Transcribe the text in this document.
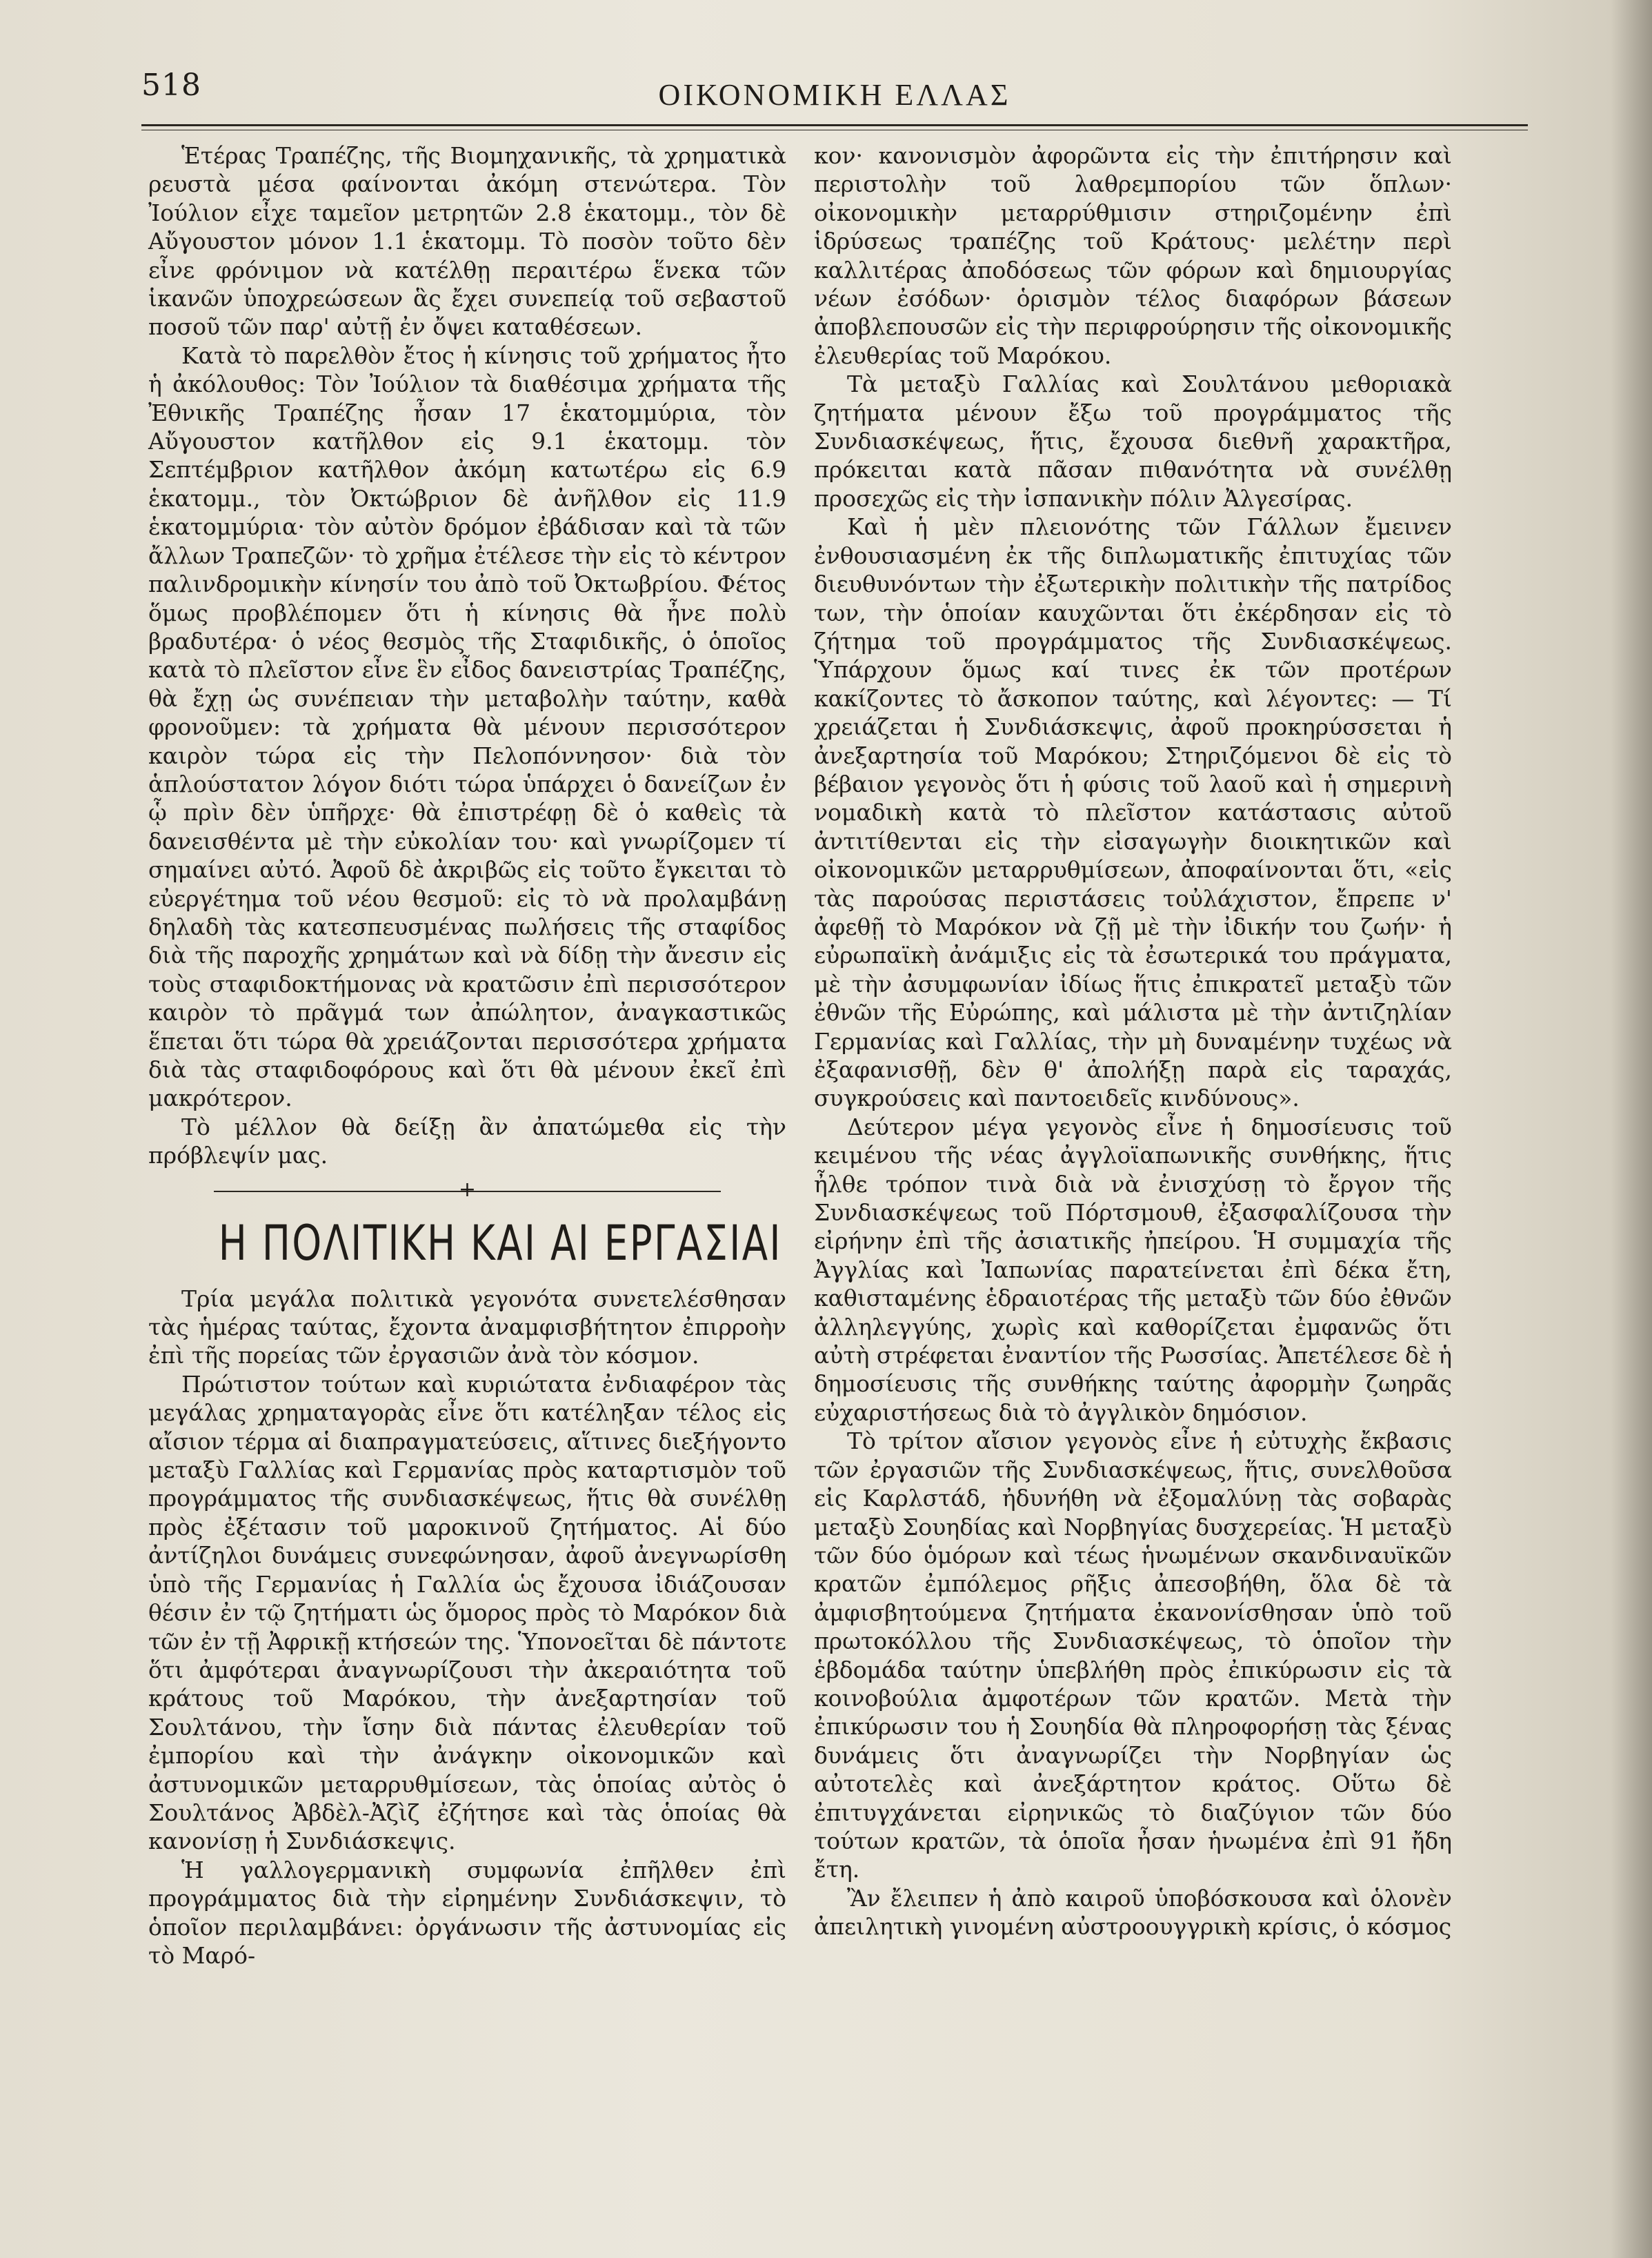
518	ΟΙΚΟΝΟΜΙΚΗ ΕΛΛΑΣ

Ἑτέρας Τραπέζης, τῆς Βιομηχανικῆς, τὰ χρηματικὰ ρευστὰ μέσα φαίνονται ἀκόμη στενώτερα. Τὸν Ἰούλιον εἶχε ταμεῖον μετρητῶν 2.8 ἑκατομμ., τὸν δὲ Αὔγουστον μόνον 1.1 ἑκατομμ. Τὸ ποσὸν τοῦτο δὲν εἶνε φρόνιμον νὰ κατέλθῃ περαιτέρω ἕνεκα τῶν ἱκανῶν ὑποχρεώσεων ἃς ἔχει συνεπείᾳ τοῦ σεβαστοῦ ποσοῦ τῶν παρ' αὐτῇ ἐν ὄψει καταθέσεων.

Κατὰ τὸ παρελθὸν ἔτος ἡ κίνησις τοῦ χρήματος ἦτο ἡ ἀκόλουθος: Τὸν Ἰούλιον τὰ διαθέσιμα χρήματα τῆς Ἐθνικῆς Τραπέζης ἦσαν 17 ἑκατομμύρια, τὸν Αὔγουστον κατῆλθον εἰς 9.1 ἑκατομμ. τὸν Σεπτέμβριον κατῆλθον ἀκόμη κατωτέρω εἰς 6.9 ἑκατομμ., τὸν Ὀκτώβριον δὲ ἀνῆλθον εἰς 11.9 ἑκατομμύρια· τὸν αὐτὸν δρόμον ἐβάδισαν καὶ τὰ τῶν ἄλλων Τραπεζῶν· τὸ χρῆμα ἐτέλεσε τὴν εἰς τὸ κέντρον παλινδρομικὴν κίνησίν του ἀπὸ τοῦ Ὀκτωβρίου. Φέτος ὅμως προβλέπομεν ὅτι ἡ κίνησις θὰ ἦνε πολὺ βραδυτέρα· ὁ νέος θεσμὸς τῆς Σταφιδικῆς, ὁ ὁποῖος κατὰ τὸ πλεῖστον εἶνε ἓν εἶδος δανειστρίας Τραπέζης, θὰ ἔχῃ ὡς συνέπειαν τὴν μεταβολὴν ταύτην, καθὰ φρονοῦμεν: τὰ χρήματα θὰ μένουν περισσότερον καιρὸν τώρα εἰς τὴν Πελοπόννησον· διὰ τὸν ἁπλούστατον λόγον διότι τώρα ὑπάρχει ὁ δανείζων ἐν ᾧ πρὶν δὲν ὑπῆρχε· θὰ ἐπιστρέφῃ δὲ ὁ καθεὶς τὰ δανεισθέντα μὲ τὴν εὐκολίαν του· καὶ γνωρίζομεν τί σημαίνει αὐτό. Ἀφοῦ δὲ ἀκριβῶς εἰς τοῦτο ἔγκειται τὸ εὐεργέτημα τοῦ νέου θεσμοῦ: εἰς τὸ νὰ προλαμβάνῃ δηλαδὴ τὰς κατεσπευσμένας πωλήσεις τῆς σταφίδος διὰ τῆς παροχῆς χρημάτων καὶ νὰ δίδῃ τὴν ἄνεσιν εἰς τοὺς σταφιδοκτήμονας νὰ κρατῶσιν ἐπὶ περισσότερον καιρὸν τὸ πρᾶγμά των ἀπώλητον, ἀναγκαστικῶς ἕπεται ὅτι τώρα θὰ χρειάζονται περισσότερα χρήματα διὰ τὰς σταφιδοφόρους καὶ ὅτι θὰ μένουν ἐκεῖ ἐπὶ μακρότερον.

Τὸ μέλλον θὰ δείξῃ ἂν ἀπατώμεθα εἰς τὴν πρόβλεψίν μας.

+
Η ΠΟΛΙΤΙΚΗ ΚΑΙ ΑΙ ΕΡΓΑΣΙΑΙ

Τρία μεγάλα πολιτικὰ γεγονότα συνετελέσθησαν τὰς ἡμέρας ταύτας, ἔχοντα ἀναμφισβήτητον ἐπιρροὴν ἐπὶ τῆς πορείας τῶν ἐργασιῶν ἀνὰ τὸν κόσμον.

Πρώτιστον τούτων καὶ κυριώτατα ἐνδιαφέρον τὰς μεγάλας χρηματαγορὰς εἶνε ὅτι κατέληξαν τέλος εἰς αἴσιον τέρμα αἱ διαπραγματεύσεις, αἵτινες διεξήγοντο μεταξὺ Γαλλίας καὶ Γερμανίας πρὸς καταρτισμὸν τοῦ προγράμματος τῆς συνδιασκέψεως, ἥτις θὰ συνέλθῃ πρὸς ἐξέτασιν τοῦ μαροκινοῦ ζητήματος. Αἱ δύο ἀντίζηλοι δυνάμεις συνεφώνησαν, ἀφοῦ ἀνεγνωρίσθη ὑπὸ τῆς Γερμανίας ἡ Γαλλία ὡς ἔχουσα ἰδιάζουσαν θέσιν ἐν τῷ ζητήματι ὡς ὅμορος πρὸς τὸ Μαρόκον διὰ τῶν ἐν τῇ Ἀφρικῇ κτήσεών της. Ὑπονοεῖται δὲ πάντοτε ὅτι ἀμφότεραι ἀναγνωρίζουσι τὴν ἀκεραιότητα τοῦ κράτους τοῦ Μαρόκου, τὴν ἀνεξαρτησίαν τοῦ Σουλτάνου, τὴν ἴσην διὰ πάντας ἐλευθερίαν τοῦ ἐμπορίου καὶ τὴν ἀνάγκην οἰκονομικῶν καὶ ἀστυνομικῶν μεταρρυθμίσεων, τὰς ὁποίας αὐτὸς ὁ Σουλτάνος Ἀβδὲλ-Ἀζὶζ ἐζήτησε καὶ τὰς ὁποίας θὰ κανονίσῃ ἡ Συνδιάσκεψις.

Ἡ γαλλογερμανικὴ συμφωνία ἐπῆλθεν ἐπὶ προγράμματος διὰ τὴν εἰρημένην Συνδιάσκεψιν, τὸ ὁποῖον περιλαμβάνει: ὀργάνωσιν τῆς ἀστυνομίας εἰς τὸ Μαρό-

κον· κανονισμὸν ἀφορῶντα εἰς τὴν ἐπιτήρησιν καὶ περιστολὴν τοῦ λαθρεμπορίου τῶν ὅπλων· οἰκονομικὴν μεταρρύθμισιν στηριζομένην ἐπὶ ἱδρύσεως τραπέζης τοῦ Κράτους· μελέτην περὶ καλλιτέρας ἀποδόσεως τῶν φόρων καὶ δημιουργίας νέων ἐσόδων· ὁρισμὸν τέλος διαφόρων βάσεων ἀποβλεπουσῶν εἰς τὴν περιφρούρησιν τῆς οἰκονομικῆς ἐλευθερίας τοῦ Μαρόκου.

Τὰ μεταξὺ Γαλλίας καὶ Σουλτάνου μεθοριακὰ ζητήματα μένουν ἔξω τοῦ προγράμματος τῆς Συνδιασκέψεως, ἥτις, ἔχουσα διεθνῆ χαρακτῆρα, πρόκειται κατὰ πᾶσαν πιθανότητα νὰ συνέλθῃ προσεχῶς εἰς τὴν ἰσπανικὴν πόλιν Ἀλγεσίρας.

Καὶ ἡ μὲν πλειονότης τῶν Γάλλων ἔμεινεν ἐνθουσιασμένη ἐκ τῆς διπλωματικῆς ἐπιτυχίας τῶν διευθυνόντων τὴν ἐξωτερικὴν πολιτικὴν τῆς πατρίδος των, τὴν ὁποίαν καυχῶνται ὅτι ἐκέρδησαν εἰς τὸ ζήτημα τοῦ προγράμματος τῆς Συνδιασκέψεως. Ὑπάρχουν ὅμως καί τινες ἐκ τῶν προτέρων κακίζοντες τὸ ἄσκοπον ταύτης, καὶ λέγοντες: — Τί χρειάζεται ἡ Συνδιάσκεψις, ἀφοῦ προκηρύσσεται ἡ ἀνεξαρτησία τοῦ Μαρόκου; Στηριζόμενοι δὲ εἰς τὸ βέβαιον γεγονὸς ὅτι ἡ φύσις τοῦ λαοῦ καὶ ἡ σημερινὴ νομαδικὴ κατὰ τὸ πλεῖστον κατάστασις αὐτοῦ ἀντιτίθενται εἰς τὴν εἰσαγωγὴν διοικητικῶν καὶ οἰκονομικῶν μεταρρυθμίσεων, ἀποφαίνονται ὅτι, «εἰς τὰς παρούσας περιστάσεις τοὐλάχιστον, ἔπρεπε ν' ἀφεθῇ τὸ Μαρόκον νὰ ζῇ μὲ τὴν ἰδικήν του ζωήν· ἡ εὐρωπαϊκὴ ἀνάμιξις εἰς τὰ ἐσωτερικά του πράγματα, μὲ τὴν ἀσυμφωνίαν ἰδίως ἥτις ἐπικρατεῖ μεταξὺ τῶν ἐθνῶν τῆς Εὐρώπης, καὶ μάλιστα μὲ τὴν ἀντιζηλίαν Γερμανίας καὶ Γαλλίας, τὴν μὴ δυναμένην τυχέως νὰ ἐξαφανισθῇ, δὲν θ' ἀπολήξῃ παρὰ εἰς ταραχάς, συγκρούσεις καὶ παντοειδεῖς κινδύνους».

Δεύτερον μέγα γεγονὸς εἶνε ἡ δημοσίευσις τοῦ κειμένου τῆς νέας ἀγγλοϊαπωνικῆς συνθήκης, ἥτις ἦλθε τρόπον τινὰ διὰ νὰ ἐνισχύσῃ τὸ ἔργον τῆς Συνδιασκέψεως τοῦ Πόρτσμουθ, ἐξασφαλίζουσα τὴν εἰρήνην ἐπὶ τῆς ἀσιατικῆς ἠπείρου. Ἡ συμμαχία τῆς Ἀγγλίας καὶ Ἰαπωνίας παρατείνεται ἐπὶ δέκα ἔτη, καθισταμένης ἑδραιοτέρας τῆς μεταξὺ τῶν δύο ἐθνῶν ἀλληλεγγύης, χωρὶς καὶ καθορίζεται ἐμφανῶς ὅτι αὐτὴ στρέφεται ἐναντίον τῆς Ρωσσίας. Ἀπετέλεσε δὲ ἡ δημοσίευσις τῆς συνθήκης ταύτης ἀφορμὴν ζωηρᾶς εὐχαριστήσεως διὰ τὸ ἀγγλικὸν δημόσιον.

Τὸ τρίτον αἴσιον γεγονὸς εἶνε ἡ εὐτυχὴς ἔκβασις τῶν ἐργασιῶν τῆς Συνδιασκέψεως, ἥτις, συνελθοῦσα εἰς Καρλστάδ, ἠδυνήθη νὰ ἐξομαλύνῃ τὰς σοβαρὰς μεταξὺ Σουηδίας καὶ Νορβηγίας δυσχερείας. Ἡ μεταξὺ τῶν δύο ὁμόρων καὶ τέως ἡνωμένων σκανδιναυϊκῶν κρατῶν ἐμπόλεμος ρῆξις ἀπεσοβήθη, ὅλα δὲ τὰ ἀμφισβητούμενα ζητήματα ἐκανονίσθησαν ὑπὸ τοῦ πρωτοκόλλου τῆς Συνδιασκέψεως, τὸ ὁποῖον τὴν ἑβδομάδα ταύτην ὑπεβλήθη πρὸς ἐπικύρωσιν εἰς τὰ κοινοβούλια ἀμφοτέρων τῶν κρατῶν. Μετὰ τὴν ἐπικύρωσιν του ἡ Σουηδία θὰ πληροφορήσῃ τὰς ξένας δυνάμεις ὅτι ἀναγνωρίζει τὴν Νορβηγίαν ὡς αὐτοτελὲς καὶ ἀνεξάρτητον κράτος. Οὕτω δὲ ἐπιτυγχάνεται εἰρηνικῶς τὸ διαζύγιον τῶν δύο τούτων κρατῶν, τὰ ὁποῖα ἦσαν ἡνωμένα ἐπὶ 91 ἤδη ἔτη.

Ἂν ἔλειπεν ἡ ἀπὸ καιροῦ ὑποβόσκουσα καὶ ὁλονὲν ἀπειλητικὴ γινομένη αὐστροουγγρικὴ κρίσις, ὁ κόσμος
